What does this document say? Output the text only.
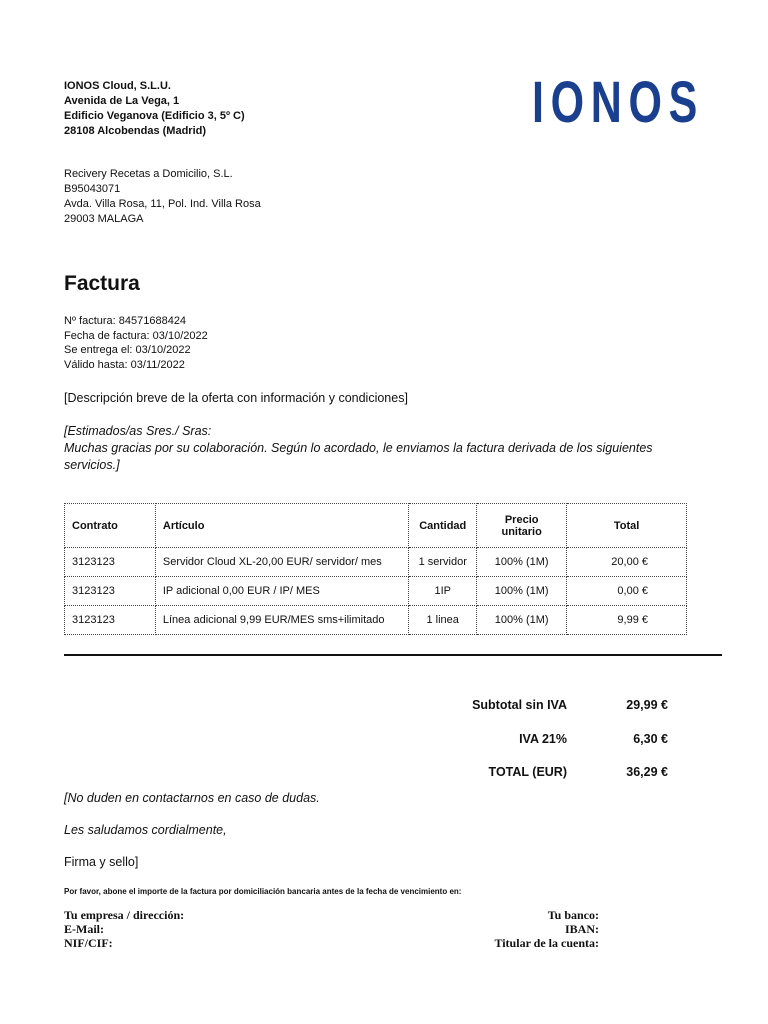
IONOS Cloud, S.L.U.
Avenida de La Vega, 1
Edificio Veganova (Edificio 3, 5º C)
28108 Alcobendas (Madrid)	IONOS
Recivery Recetas a Domicilio, S.L.
B95043071
Avda. Villa Rosa, 11, Pol. Ind. Villa Rosa
29003 MALAGA
Factura
Nº factura: 84571688424
Fecha de factura: 03/10/2022
Se entrega el: 03/10/2022
Válido hasta: 03/11/2022
[Descripción breve de la oferta con información y condiciones]
[Estimados/as Sres./ Sras:
Muchas gracias por su colaboración. Según lo acordado, le enviamos la factura derivada de los siguientes servicios.]
Contrato	Artículo	Cantidad	Precio unitario	Total
3123123	Servidor Cloud XL-20,00 EUR/ servidor/ mes	1 servidor	100% (1M)	20,00 €
3123123	IP adicional 0,00 EUR / IP/ MES	1IP	100% (1M)	0,00 €
3123123	Línea adicional 9,99 EUR/MES sms+ilimitado	1 linea	100% (1M)	9,99 €
Subtotal sin IVA	29,99 €
IVA 21%	6,30 €
TOTAL (EUR)	36,29 €
[No duden en contactarnos en caso de dudas.
Les saludamos cordialmente,
Firma y sello]
Por favor, abone el importe de la factura por domiciliación bancaria antes de la fecha de vencimiento en:
Tu empresa / dirección:
E-Mail:
NIF/CIF:
Tu banco:
IBAN:
Titular de la cuenta:
